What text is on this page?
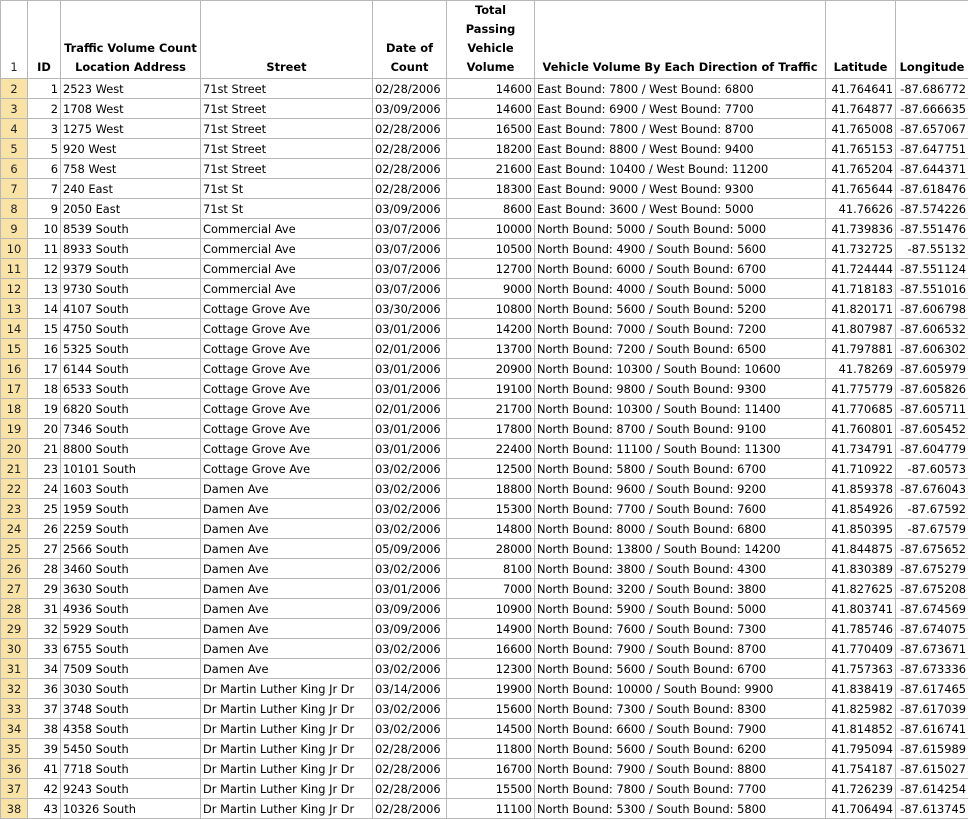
1	ID	Traffic Volume Count Location Address	Street	Date of Count	Total Passing Vehicle Volume	Vehicle Volume By Each Direction of Traffic	Latitude	Longitude
2	1	2523 West	71st Street	02/28/2006	14600	East Bound: 7800 / West Bound: 6800	41.764641	-87.686772
3	2	1708 West	71st Street	03/09/2006	14600	East Bound: 6900 / West Bound: 7700	41.764877	-87.666635
4	3	1275 West	71st Street	02/28/2006	16500	East Bound: 7800 / West Bound: 8700	41.765008	-87.657067
5	5	920 West	71st Street	02/28/2006	18200	East Bound: 8800 / West Bound: 9400	41.765153	-87.647751
6	6	758 West	71st Street	02/28/2006	21600	East Bound: 10400 / West Bound: 11200	41.765204	-87.644371
7	7	240 East	71st St	02/28/2006	18300	East Bound: 9000 / West Bound: 9300	41.765644	-87.618476
8	9	2050 East	71st St	03/09/2006	8600	East Bound: 3600 / West Bound: 5000	41.76626	-87.574226
9	10	8539 South	Commercial Ave	03/07/2006	10000	North Bound: 5000 / South Bound: 5000	41.739836	-87.551476
10	11	8933 South	Commercial Ave	03/07/2006	10500	North Bound: 4900 / South Bound: 5600	41.732725	-87.55132
11	12	9379 South	Commercial Ave	03/07/2006	12700	North Bound: 6000 / South Bound: 6700	41.724444	-87.551124
12	13	9730 South	Commercial Ave	03/07/2006	9000	North Bound: 4000 / South Bound: 5000	41.718183	-87.551016
13	14	4107 South	Cottage Grove Ave	03/30/2006	10800	North Bound: 5600 / South Bound: 5200	41.820171	-87.606798
14	15	4750 South	Cottage Grove Ave	03/01/2006	14200	North Bound: 7000 / South Bound: 7200	41.807987	-87.606532
15	16	5325 South	Cottage Grove Ave	02/01/2006	13700	North Bound: 7200 / South Bound: 6500	41.797881	-87.606302
16	17	6144 South	Cottage Grove Ave	03/01/2006	20900	North Bound: 10300 / South Bound: 10600	41.78269	-87.605979
17	18	6533 South	Cottage Grove Ave	03/01/2006	19100	North Bound: 9800 / South Bound: 9300	41.775779	-87.605826
18	19	6820 South	Cottage Grove Ave	02/01/2006	21700	North Bound: 10300 / South Bound: 11400	41.770685	-87.605711
19	20	7346 South	Cottage Grove Ave	03/01/2006	17800	North Bound: 8700 / South Bound: 9100	41.760801	-87.605452
20	21	8800 South	Cottage Grove Ave	03/01/2006	22400	North Bound: 11100 / South Bound: 11300	41.734791	-87.604779
21	23	10101 South	Cottage Grove Ave	03/02/2006	12500	North Bound: 5800 / South Bound: 6700	41.710922	-87.60573
22	24	1603 South	Damen Ave	03/02/2006	18800	North Bound: 9600 / South Bound: 9200	41.859378	-87.676043
23	25	1959 South	Damen Ave	03/02/2006	15300	North Bound: 7700 / South Bound: 7600	41.854926	-87.67592
24	26	2259 South	Damen Ave	03/02/2006	14800	North Bound: 8000 / South Bound: 6800	41.850395	-87.67579
25	27	2566 South	Damen Ave	05/09/2006	28000	North Bound: 13800 / South Bound: 14200	41.844875	-87.675652
26	28	3460 South	Damen Ave	03/02/2006	8100	North Bound: 3800 / South Bound: 4300	41.830389	-87.675279
27	29	3630 South	Damen Ave	03/01/2006	7000	North Bound: 3200 / South Bound: 3800	41.827625	-87.675208
28	31	4936 South	Damen Ave	03/09/2006	10900	North Bound: 5900 / South Bound: 5000	41.803741	-87.674569
29	32	5929 South	Damen Ave	03/09/2006	14900	North Bound: 7600 / South Bound: 7300	41.785746	-87.674075
30	33	6755 South	Damen Ave	03/02/2006	16600	North Bound: 7900 / South Bound: 8700	41.770409	-87.673671
31	34	7509 South	Damen Ave	03/02/2006	12300	North Bound: 5600 / South Bound: 6700	41.757363	-87.673336
32	36	3030 South	Dr Martin Luther King Jr Dr	03/14/2006	19900	North Bound: 10000 / South Bound: 9900	41.838419	-87.617465
33	37	3748 South	Dr Martin Luther King Jr Dr	03/02/2006	15600	North Bound: 7300 / South Bound: 8300	41.825982	-87.617039
34	38	4358 South	Dr Martin Luther King Jr Dr	03/02/2006	14500	North Bound: 6600 / South Bound: 7900	41.814852	-87.616741
35	39	5450 South	Dr Martin Luther King Jr Dr	02/28/2006	11800	North Bound: 5600 / South Bound: 6200	41.795094	-87.615989
36	41	7718 South	Dr Martin Luther King Jr Dr	02/28/2006	16700	North Bound: 7900 / South Bound: 8800	41.754187	-87.615027
37	42	9243 South	Dr Martin Luther King Jr Dr	02/28/2006	15500	North Bound: 7800 / South Bound: 7700	41.726239	-87.614254
38	43	10326 South	Dr Martin Luther King Jr Dr	02/28/2006	11100	North Bound: 5300 / South Bound: 5800	41.706494	-87.613745
